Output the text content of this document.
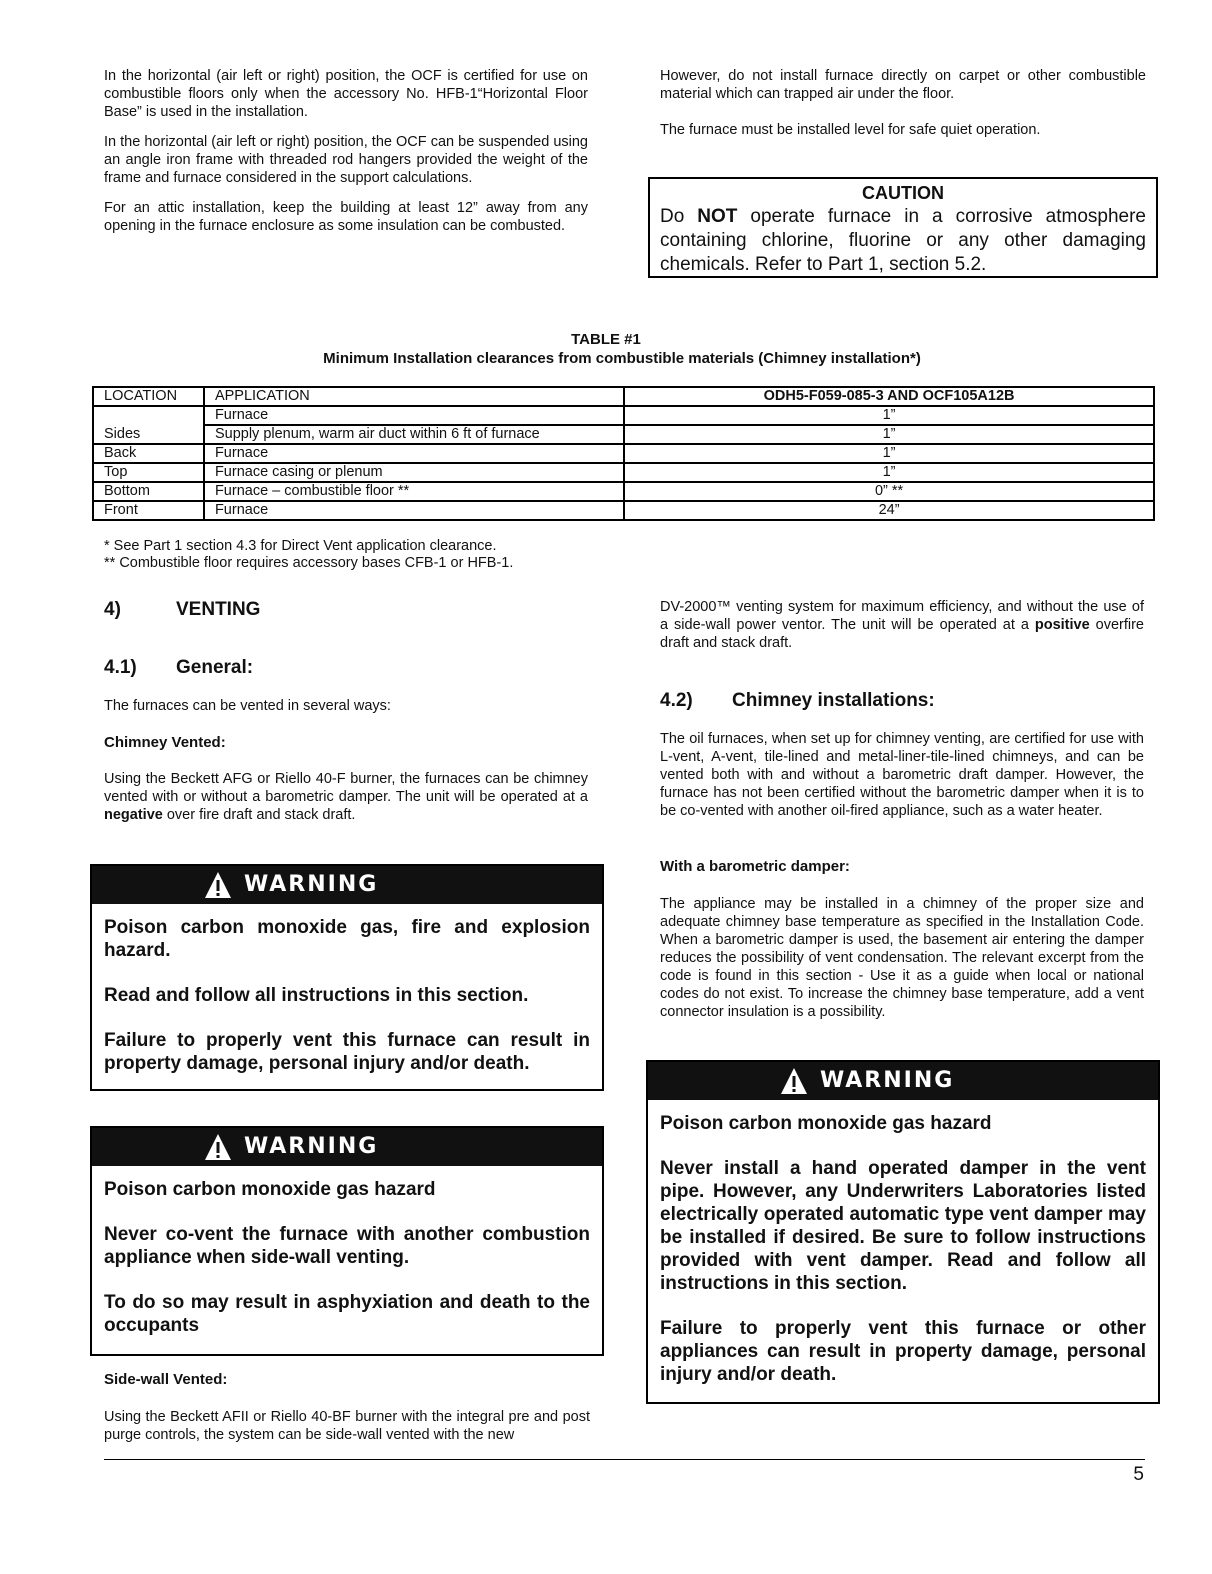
In the horizontal (air left or right) position, the OCF is certified for use on combustible floors only when the accessory No. HFB-1“Horizontal Floor Base” is used in the installation.

In the horizontal (air left or right) position, the OCF can be suspended using an angle iron frame with threaded rod hangers provided the weight of the frame and furnace considered in the support calculations.

For an attic installation, keep the building at least 12” away from any opening in the furnace enclosure as some insulation can be combusted.

However, do not install furnace directly on carpet or other combustible material which can trapped air under the floor.

The furnace must be installed level for safe quiet operation.

CAUTION
Do NOT operate furnace in a corrosive atmosphere containing chlorine, fluorine or any other damaging chemicals. Refer to Part 1, section 5.2.
TABLE #1
Minimum Installation clearances from combustible materials (Chimney installation*)
LOCATION	APPLICATION	ODH5-F059-085-3 AND OCF105A12B
Sides	Furnace	1”
	Supply plenum, warm air duct within 6 ft of furnace	1”
Back	Furnace	1”
Top	Furnace casing or plenum	1”
Bottom	Furnace – combustible floor **	0” **
Front	Furnace	24”
* See Part 1 section 4.3 for Direct Vent application clearance.
** Combustible floor requires accessory bases CFB-1 or HFB-1.
4)	VENTING
4.1) General:
The furnaces can be vented in several ways:
Chimney Vented:
Using the Beckett AFG or Riello 40-F burner, the furnaces can be chimney vented with or without a barometric damper. The unit will be operated at a negative over fire draft and stack draft.
WARNING

Poison carbon monoxide gas, fire and explosion hazard.

Read and follow all instructions in this section.

Failure to properly vent this furnace can result in property damage, personal injury and/or death.

WARNING

Poison carbon monoxide gas hazard

Never co-vent the furnace with another combustion appliance when side-wall venting.

To do so may result in asphyxiation and death to the occupants

Side-wall Vented:
Using the Beckett AFII or Riello 40-BF burner with the integral pre and post purge controls, the system can be side-wall vented with the new
DV-2000™ venting system for maximum efficiency, and without the use of a side-wall power ventor. The unit will be operated at a positive overfire draft and stack draft.
4.2) Chimney installations:
The oil furnaces, when set up for chimney venting, are certified for use with L-vent, A-vent, tile-lined and metal-liner-tile-lined chimneys, and can be vented both with and without a barometric draft damper. However, the furnace has not been certified without the barometric damper when it is to be co-vented with another oil-fired appliance, such as a water heater.
With a barometric damper:
The appliance may be installed in a chimney of the proper size and adequate chimney base temperature as specified in the Installation Code. When a barometric damper is used, the basement air entering the damper reduces the possibility of vent condensation. The relevant excerpt from the code is found in this section - Use it as a guide when local or national codes do not exist. To increase the chimney base temperature, add a vent connector insulation is a possibility.
WARNING

Poison carbon monoxide gas hazard

Never install a hand operated damper in the vent pipe. However, any Underwriters Laboratories listed electrically operated automatic type vent damper may be installed if desired. Be sure to follow instructions provided with vent damper. Read and follow all instructions in this section.

Failure to properly vent this furnace or other appliances can result in property damage, personal injury and/or death.

5
